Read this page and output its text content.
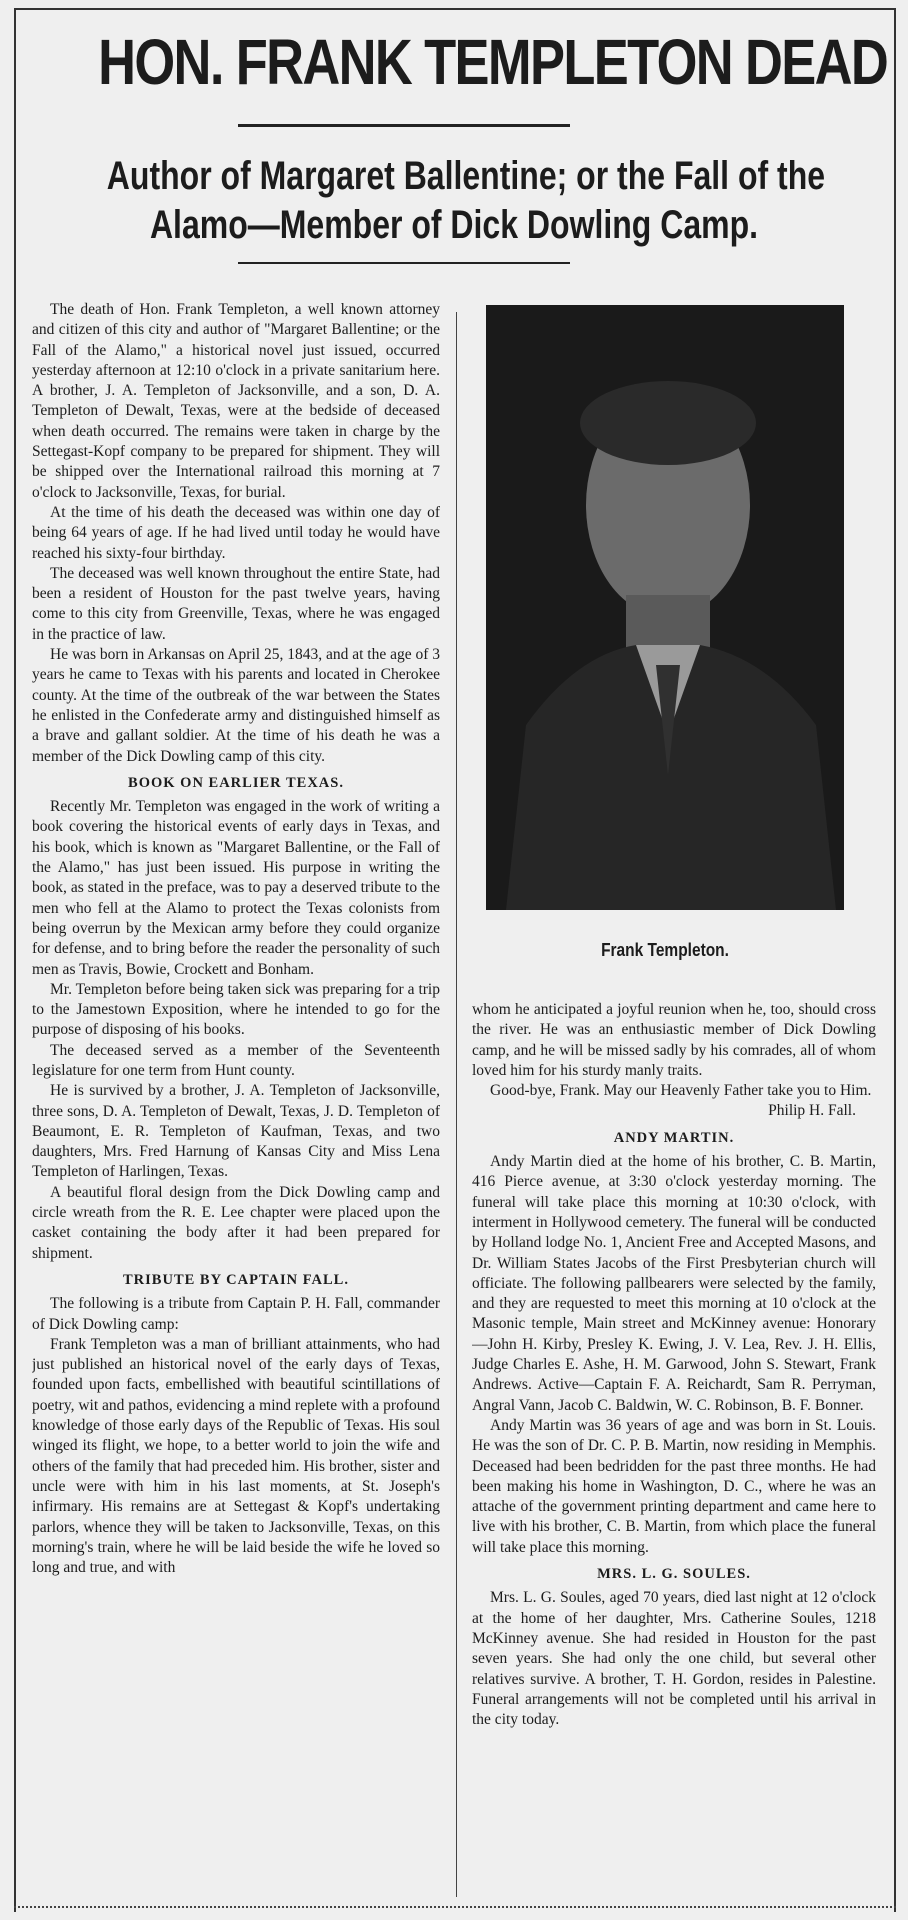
HON. FRANK TEMPLETON DEAD
Author of Margaret Ballentine; or the Fall of the
Alamo—Member of Dick Dowling Camp.

The death of Hon. Frank Templeton, a well known attorney and citizen of this city and author of "Margaret Ballentine; or the Fall of the Alamo," a historical novel just issued, occurred yesterday afternoon at 12:10 o'clock in a private sanitarium here. A brother, J. A. Templeton of Jacksonville, and a son, D. A. Templeton of Dewalt, Texas, were at the bedside of deceased when death occurred. The remains were taken in charge by the Settegast-Kopf company to be prepared for shipment. They will be shipped over the International railroad this morning at 7 o'clock to Jacksonville, Texas, for burial.

At the time of his death the deceased was within one day of being 64 years of age. If he had lived until today he would have reached his sixty-four birthday.

The deceased was well known throughout the entire State, had been a resident of Houston for the past twelve years, having come to this city from Greenville, Texas, where he was engaged in the practice of law.

He was born in Arkansas on April 25, 1843, and at the age of 3 years he came to Texas with his parents and located in Cherokee county. At the time of the outbreak of the war between the States he enlisted in the Confederate army and distinguished himself as a brave and gallant soldier. At the time of his death he was a member of the Dick Dowling camp of this city.

BOOK ON EARLIER TEXAS.

Recently Mr. Templeton was engaged in the work of writing a book covering the historical events of early days in Texas, and his book, which is known as "Margaret Ballentine, or the Fall of the Alamo," has just been issued. His purpose in writing the book, as stated in the preface, was to pay a deserved tribute to the men who fell at the Alamo to protect the Texas colonists from being overrun by the Mexican army before they could organize for defense, and to bring before the reader the personality of such men as Travis, Bowie, Crockett and Bonham.

Mr. Templeton before being taken sick was preparing for a trip to the Jamestown Exposition, where he intended to go for the purpose of disposing of his books.

The deceased served as a member of the Seventeenth legislature for one term from Hunt county.

He is survived by a brother, J. A. Templeton of Jacksonville, three sons, D. A. Templeton of Dewalt, Texas, J. D. Templeton of Beaumont, E. R. Templeton of Kaufman, Texas, and two daughters, Mrs. Fred Harnung of Kansas City and Miss Lena Templeton of Harlingen, Texas.

A beautiful floral design from the Dick Dowling camp and circle wreath from the R. E. Lee chapter were placed upon the casket containing the body after it had been prepared for shipment.

TRIBUTE BY CAPTAIN FALL.

The following is a tribute from Captain P. H. Fall, commander of Dick Dowling camp:

Frank Templeton was a man of brilliant attainments, who had just published an historical novel of the early days of Texas, founded upon facts, embellished with beautiful scintillations of poetry, wit and pathos, evidencing a mind replete with a profound knowledge of those early days of the Republic of Texas. His soul winged its flight, we hope, to a better world to join the wife and others of the family that had preceded him. His brother, sister and uncle were with him in his last moments, at St. Joseph's infirmary. His remains are at Settegast & Kopf's undertaking parlors, whence they will be taken to Jacksonville, Texas, on this morning's train, where he will be laid beside the wife he loved so long and true, and with

Frank Templeton.

whom he anticipated a joyful reunion when he, too, should cross the river. He was an enthusiastic member of Dick Dowling camp, and he will be missed sadly by his comrades, all of whom loved him for his sturdy manly traits.

Good-bye, Frank. May our Heavenly Father take you to Him.

Philip H. Fall.

ANDY MARTIN.

Andy Martin died at the home of his brother, C. B. Martin, 416 Pierce avenue, at 3:30 o'clock yesterday morning. The funeral will take place this morning at 10:30 o'clock, with interment in Hollywood cemetery. The funeral will be conducted by Holland lodge No. 1, Ancient Free and Accepted Masons, and Dr. William States Jacobs of the First Presbyterian church will officiate. The following pallbearers were selected by the family, and they are requested to meet this morning at 10 o'clock at the Masonic temple, Main street and McKinney avenue: Honorary—John H. Kirby, Presley K. Ewing, J. V. Lea, Rev. J. H. Ellis, Judge Charles E. Ashe, H. M. Garwood, John S. Stewart, Frank Andrews. Active—Captain F. A. Reichardt, Sam R. Perryman, Angral Vann, Jacob C. Baldwin, W. C. Robinson, B. F. Bonner.

Andy Martin was 36 years of age and was born in St. Louis. He was the son of Dr. C. P. B. Martin, now residing in Memphis. Deceased had been bedridden for the past three months. He had been making his home in Washington, D. C., where he was an attache of the government printing department and came here to live with his brother, C. B. Martin, from which place the funeral will take place this morning.

MRS. L. G. SOULES.

Mrs. L. G. Soules, aged 70 years, died last night at 12 o'clock at the home of her daughter, Mrs. Catherine Soules, 1218 McKinney avenue. She had resided in Houston for the past seven years. She had only the one child, but several other relatives survive. A brother, T. H. Gordon, resides in Palestine. Funeral arrangements will not be completed until his arrival in the city today.
